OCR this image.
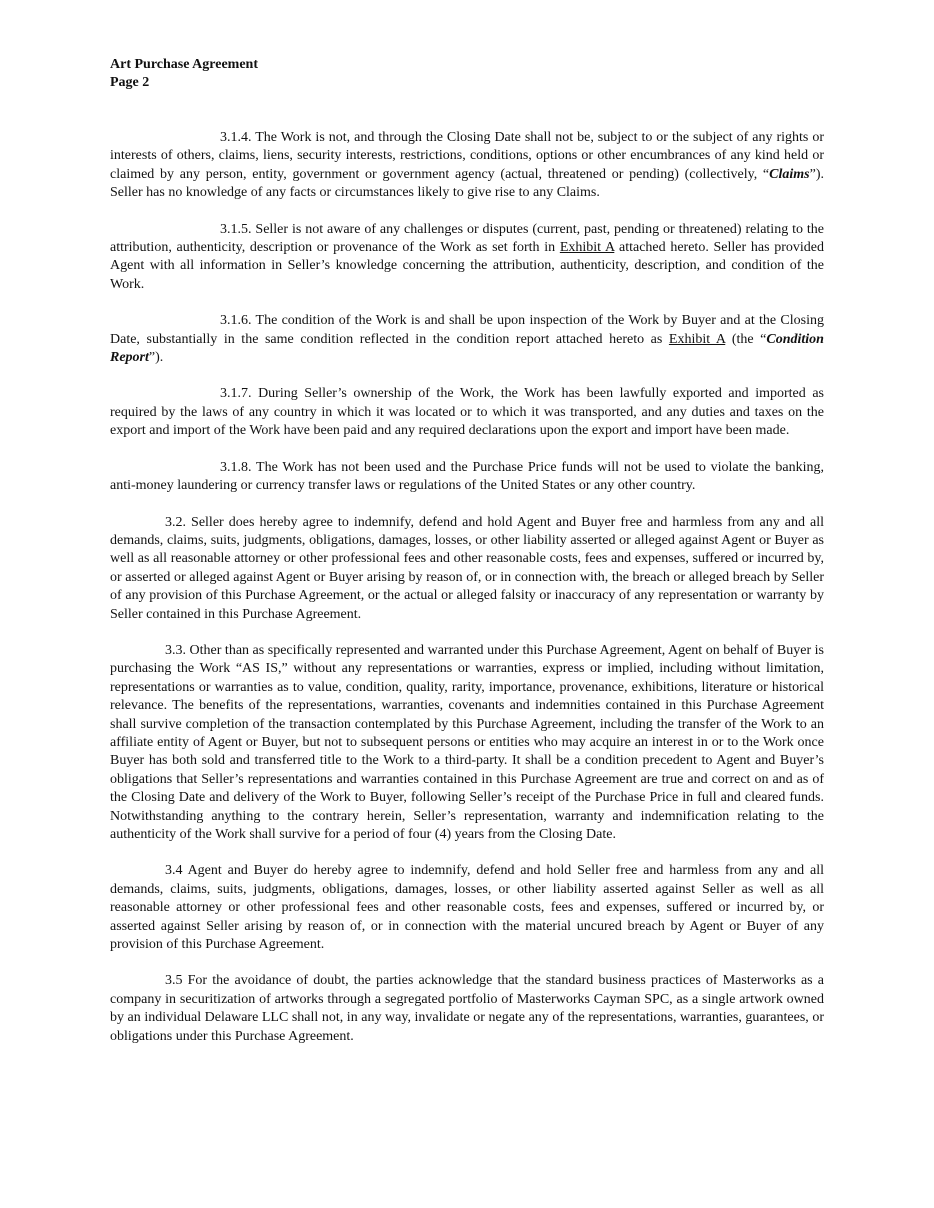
Art Purchase Agreement
Page 2

3.1.4. The Work is not, and through the Closing Date shall not be, subject to or the subject of any rights or interests of others, claims, liens, security interests, restrictions, conditions, options or other encumbrances of any kind held or claimed by any person, entity, government or government agency (actual, threatened or pending) (collectively, “Claims”). Seller has no knowledge of any facts or circumstances likely to give rise to any Claims.

3.1.5. Seller is not aware of any challenges or disputes (current, past, pending or threatened) relating to the attribution, authenticity, description or provenance of the Work as set forth in Exhibit A attached hereto. Seller has provided Agent with all information in Seller’s knowledge concerning the attribution, authenticity, description, and condition of the Work.

3.1.6. The condition of the Work is and shall be upon inspection of the Work by Buyer and at the Closing Date, substantially in the same condition reflected in the condition report attached hereto as Exhibit A (the “Condition Report”).

3.1.7. During Seller’s ownership of the Work, the Work has been lawfully exported and imported as required by the laws of any country in which it was located or to which it was transported, and any duties and taxes on the export and import of the Work have been paid and any required declarations upon the export and import have been made.

3.1.8. The Work has not been used and the Purchase Price funds will not be used to violate the banking, anti-money laundering or currency transfer laws or regulations of the United States or any other country.

3.2. Seller does hereby agree to indemnify, defend and hold Agent and Buyer free and harmless from any and all demands, claims, suits, judgments, obligations, damages, losses, or other liability asserted or alleged against Agent or Buyer as well as all reasonable attorney or other professional fees and other reasonable costs, fees and expenses, suffered or incurred by, or asserted or alleged against Agent or Buyer arising by reason of, or in connection with, the breach or alleged breach by Seller of any provision of this Purchase Agreement, or the actual or alleged falsity or inaccuracy of any representation or warranty by Seller contained in this Purchase Agreement.

3.3. Other than as specifically represented and warranted under this Purchase Agreement, Agent on behalf of Buyer is purchasing the Work “AS IS,” without any representations or warranties, express or implied, including without limitation, representations or warranties as to value, condition, quality, rarity, importance, provenance, exhibitions, literature or historical relevance. The benefits of the representations, warranties, covenants and indemnities contained in this Purchase Agreement shall survive completion of the transaction contemplated by this Purchase Agreement, including the transfer of the Work to an affiliate entity of Agent or Buyer, but not to subsequent persons or entities who may acquire an interest in or to the Work once Buyer has both sold and transferred title to the Work to a third-party. It shall be a condition precedent to Agent and Buyer’s obligations that Seller’s representations and warranties contained in this Purchase Agreement are true and correct on and as of the Closing Date and delivery of the Work to Buyer, following Seller’s receipt of the Purchase Price in full and cleared funds. Notwithstanding anything to the contrary herein, Seller’s representation, warranty and indemnification relating to the authenticity of the Work shall survive for a period of four (4) years from the Closing Date.

3.4 Agent and Buyer do hereby agree to indemnify, defend and hold Seller free and harmless from any and all demands, claims, suits, judgments, obligations, damages, losses, or other liability asserted against Seller as well as all reasonable attorney or other professional fees and other reasonable costs, fees and expenses, suffered or incurred by, or asserted against Seller arising by reason of, or in connection with the material uncured breach by Agent or Buyer of any provision of this Purchase Agreement.

3.5 For the avoidance of doubt, the parties acknowledge that the standard business practices of Masterworks as a company in securitization of artworks through a segregated portfolio of Masterworks Cayman SPC, as a single artwork owned by an individual Delaware LLC shall not, in any way, invalidate or negate any of the representations, warranties, guarantees, or obligations under this Purchase Agreement.
